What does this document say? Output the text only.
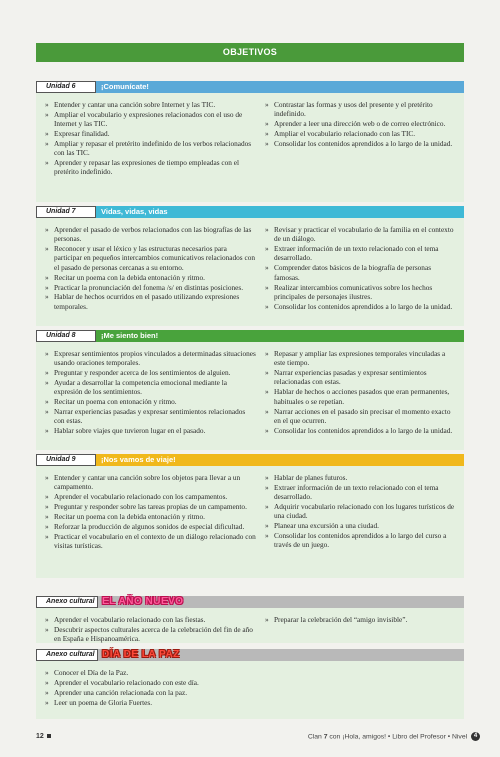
OBJETIVOS
Unidad 6	¡Comunícate!
» Entender y cantar una canción sobre Internet y las TIC.
» Ampliar el vocabulario y expresiones relacionados con el uso de Internet y las TIC.
» Expresar finalidad.
» Ampliar y repasar el pretérito indefinido de los verbos relacionados con las TIC.
» Aprender y repasar las expresiones de tiempo empleadas con el pretérito indefinido.
» Contrastar las formas y usos del presente y el pretérito indefinido.
» Aprender a leer una dirección web o de correo electrónico.
» Ampliar el vocabulario relacionado con las TIC.
» Consolidar los contenidos aprendidos a lo largo de la unidad.
Unidad 7	Vidas, vidas, vidas
» Aprender el pasado de verbos relacionados con las biografías de las personas.
» Reconocer y usar el léxico y las estructuras necesarios para participar en pequeños intercambios comunicativos relacionados con el pasado de personas cercanas a su entorno.
» Recitar un poema con la debida entonación y ritmo.
» Practicar la pronunciación del fonema /s/ en distintas posiciones.
» Hablar de hechos ocurridos en el pasado utilizando expresiones temporales.
» Revisar y practicar el vocabulario de la familia en el contexto de un diálogo.
» Extraer información de un texto relacionado con el tema desarrollado.
» Comprender datos básicos de la biografía de personas famosas.
» Realizar intercambios comunicativos sobre los hechos principales de personajes ilustres.
» Consolidar los contenidos aprendidos a lo largo de la unidad.
Unidad 8	¡Me siento bien!
» Expresar sentimientos propios vinculados a determinadas situaciones usando oraciones temporales.
» Preguntar y responder acerca de los sentimientos de alguien.
» Ayudar a desarrollar la competencia emocional mediante la expresión de los sentimientos.
» Recitar un poema con entonación y ritmo.
» Narrar experiencias pasadas y expresar sentimientos relacionados con estas.
» Hablar sobre viajes que tuvieron lugar en el pasado.
» Repasar y ampliar las expresiones temporales vinculadas a este tiempo.
» Narrar experiencias pasadas y expresar sentimientos relacionadas con estas.
» Hablar de hechos o acciones pasados que eran permanentes, habituales o se repetían.
» Narrar acciones en el pasado sin precisar el momento exacto en el que ocurren.
» Consolidar los contenidos aprendidos a lo largo de la unidad.
Unidad 9	¡Nos vamos de viaje!
» Entender y cantar una canción sobre los objetos para llevar a un campamento.
» Aprender el vocabulario relacionado con los campamentos.
» Preguntar y responder sobre las tareas propias de un campamento.
» Recitar un poema con la debida entonación y ritmo.
» Reforzar la producción de algunos sonidos de especial dificultad.
» Practicar el vocabulario en el contexto de un diálogo relacionado con visitas turísticas.
» Hablar de planes futuros.
» Extraer información de un texto relacionado con el tema desarrollado.
» Adquirir vocabulario relacionado con los lugares turísticos de una ciudad.
» Planear una excursión a una ciudad.
» Consolidar los contenidos aprendidos a lo largo del curso a través de un juego.
Anexo cultural EL AÑO NUEVO
» Aprender el vocabulario relacionado con las fiestas.
» Descubrir aspectos culturales acerca de la celebración del fin de año en España e Hispanoamérica.
» Preparar la celebración del “amigo invisible”.
Anexo cultural DÍA DE LA PAZ
» Conocer el Día de la Paz.
» Aprender el vocabulario relacionado con este día.
» Aprender una canción relacionada con la paz.
» Leer un poema de Gloria Fuertes.
12	Clan 7 con ¡Hola, amigos! • Libro del Profesor • Nivel 4
